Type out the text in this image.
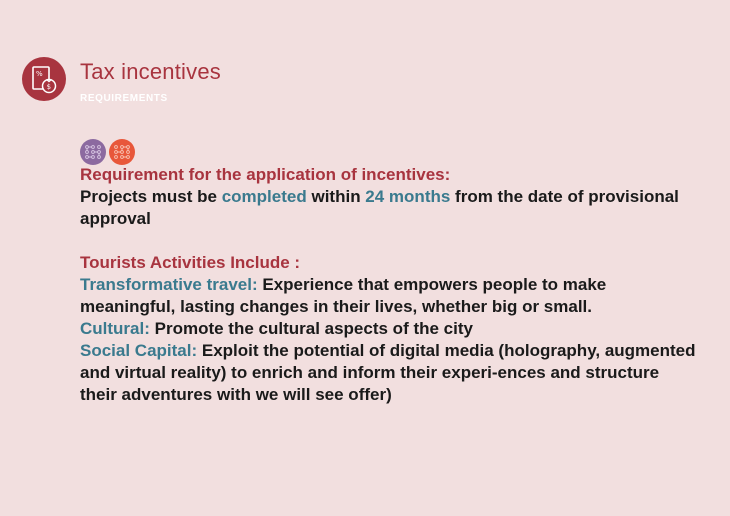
%
$
Tax incentives
REQUIREMENTS

Requirement for the application of incentives:

Projects must be completed within 24 months from the date of provisional approval

Tourists Activities Include :

Transformative travel: Experience that empowers people to make meaningful, lasting changes in their lives, whether big or small.

Cultural: Promote the cultural aspects of the city

Social Capital: Exploit the potential of digital media (holography, augmented and virtual reality) to enrich and inform their experi-ences and structure their adventures with we will see offer)
